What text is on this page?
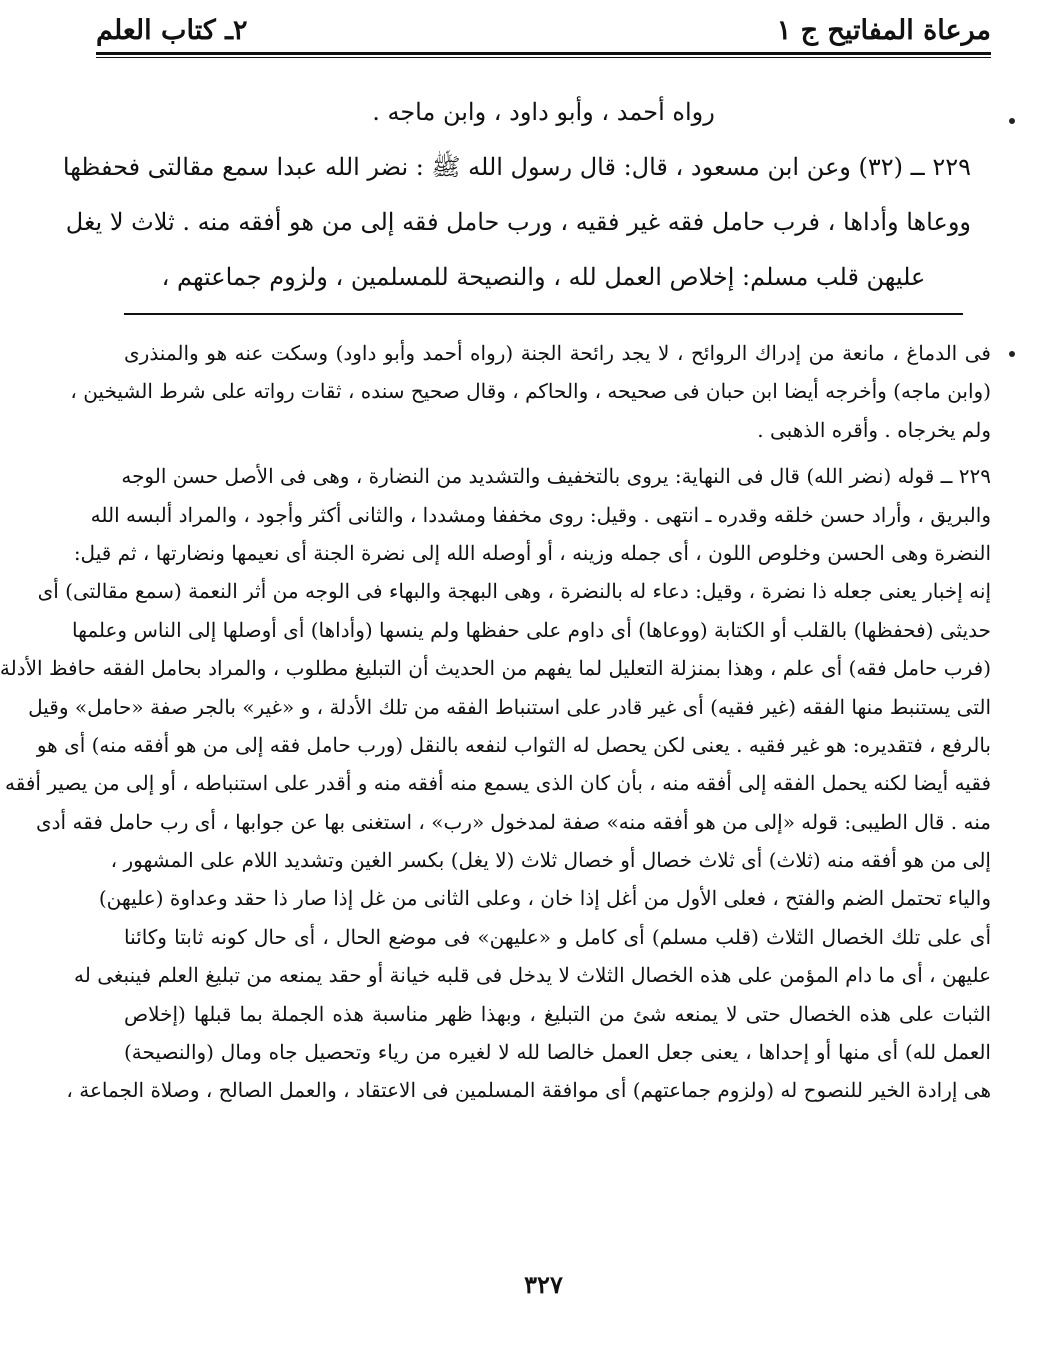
مرعاة المفاتيح ج ١
٢ـ كتاب العلم
رواه أحمد ، وأبو داود ، وابن ماجه .
٢٢٩ ــ (٣٢) وعن ابن مسعود ، قال: قال رسول الله ﷺ : نضر الله عبدا سمع مقالتى فحفظها
ووعاها وأداها ، فرب حامل فقه غير فقيه ، ورب حامل فقه إلى من هو أفقه منه . ثلاث لا يغل
عليهن قلب مسلم: إخلاص العمل لله ، والنصيحة للمسلمين ، ولزوم جماعتهم ،
فى الدماغ ، مانعة من إدراك الروائح ، لا يجد رائحة الجنة (رواه أحمد وأبو داود) وسكت عنه هو والمنذرى
(وابن ماجه) وأخرجه أيضا ابن حبان فى صحيحه ، والحاكم ، وقال صحيح سنده ، ثقات رواته على شرط الشيخين ،
ولم يخرجاه . وأقره الذهبى .
٢٢٩ ــ قوله (نضر الله) قال فى النهاية: يروى بالتخفيف والتشديد من النضارة ، وهى فى الأصل حسن الوجه
والبريق ، وأراد حسن خلقه وقدره ـ انتهى . وقيل: روى مخففا ومشددا ، والثانى أكثر وأجود ، والمراد ألبسه الله
النضرة وهى الحسن وخلوص اللون ، أى جمله وزينه ، أو أوصله الله إلى نضرة الجنة أى نعيمها ونضارتها ، ثم قيل:
إنه إخبار يعنى جعله ذا نضرة ، وقيل: دعاء له بالنضرة ، وهى البهجة والبهاء فى الوجه من أثر النعمة (سمع مقالتى) أى
حديثى (فحفظها) بالقلب أو الكتابة (ووعاها) أى داوم على حفظها ولم ينسها (وأداها) أى أوصلها إلى الناس وعلمها
(فرب حامل فقه) أى علم ، وهذا بمنزلة التعليل لما يفهم من الحديث أن التبليغ مطلوب ، والمراد بحامل الفقه حافظ الأدلة
التى يستنبط منها الفقه (غير فقيه) أى غير قادر على استنباط الفقه من تلك الأدلة ، و «غير» بالجر صفة «حامل» وقيل
بالرفع ، فتقديره: هو غير فقيه . يعنى لكن يحصل له الثواب لنفعه بالنقل (ورب حامل فقه إلى من هو أفقه منه) أى هو
فقيه أيضا لكنه يحمل الفقه إلى أفقه منه ، بأن كان الذى يسمع منه أفقه منه و أقدر على استنباطه ، أو إلى من يصير أفقه
منه . قال الطيبى: قوله «إلى من هو أفقه منه» صفة لمدخول «رب» ، استغنى بها عن جوابها ، أى رب حامل فقه أدى
إلى من هو أفقه منه (ثلاث) أى ثلاث خصال أو خصال ثلاث (لا يغل) بكسر الغين وتشديد اللام على المشهور ،
والياء تحتمل الضم والفتح ، فعلى الأول من أغل إذا خان ، وعلى الثانى من غل إذا صار ذا حقد وعداوة (عليهن)
أى على تلك الخصال الثلاث (قلب مسلم) أى كامل و «عليهن» فى موضع الحال ، أى حال كونه ثابتا وكائنا
عليهن ، أى ما دام المؤمن على هذه الخصال الثلاث لا يدخل فى قلبه خيانة أو حقد يمنعه من تبليغ العلم فينبغى له
الثبات على هذه الخصال حتى لا يمنعه شئ من التبليغ ، وبهذا ظهر مناسبة هذه الجملة بما قبلها (إخلاص
العمل لله) أى منها أو إحداها ، يعنى جعل العمل خالصا لله لا لغيره من رياء وتحصيل جاه ومال (والنصيحة)
هى إرادة الخير للنصوح له (ولزوم جماعتهم) أى موافقة المسلمين فى الاعتقاد ، والعمل الصالح ، وصلاة الجماعة ،
٣٢٧
